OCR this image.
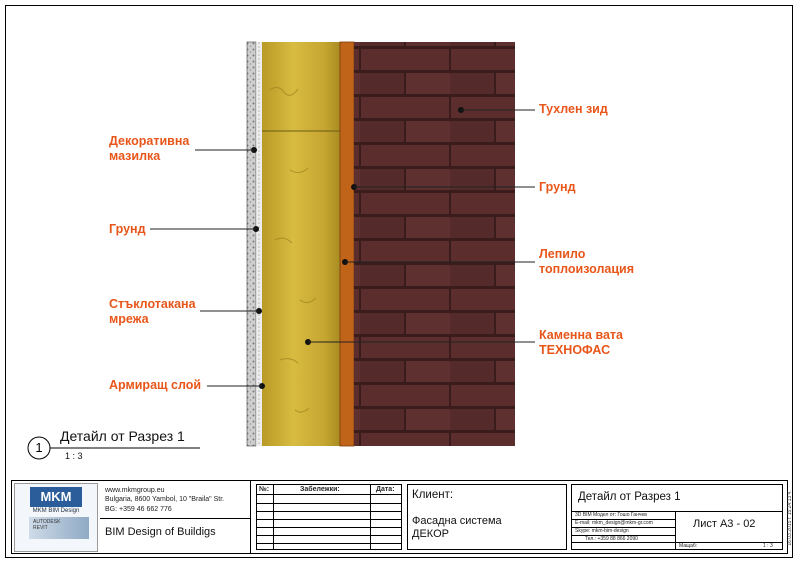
Декоративна
мазилка
Грунд
Стъклотакана
мрежа
Армиращ слой
Тухлен зид
Грунд
Лепило
топлоизолация
Каменна вата
ТЕХНОФАС
1
Детайл от Разрез 1
1 : 3
MKM
MKM BIM Design
AUTODESK
REVIT
www.mkmgroup.eu
Bulgaria, 8600 Yambol, 10 "Braila" Str.
BG: +359 46 662 776
BIM Design of Buildigs
№:	Забележки:	Дата: Клиент:
Фасадна система
ДЕКОР
Детайл от Разрез 1
3D BIM Модел от: Гошо Ганчев
E-mail: mkm_design@mkm-gr.com
Skype: mkm-bim-design
Тел.: +359 88 866 2090
Лист А3 - 02
Мащаб:	1 : 3
16.03.2015 г. 15:24:13 ч.
